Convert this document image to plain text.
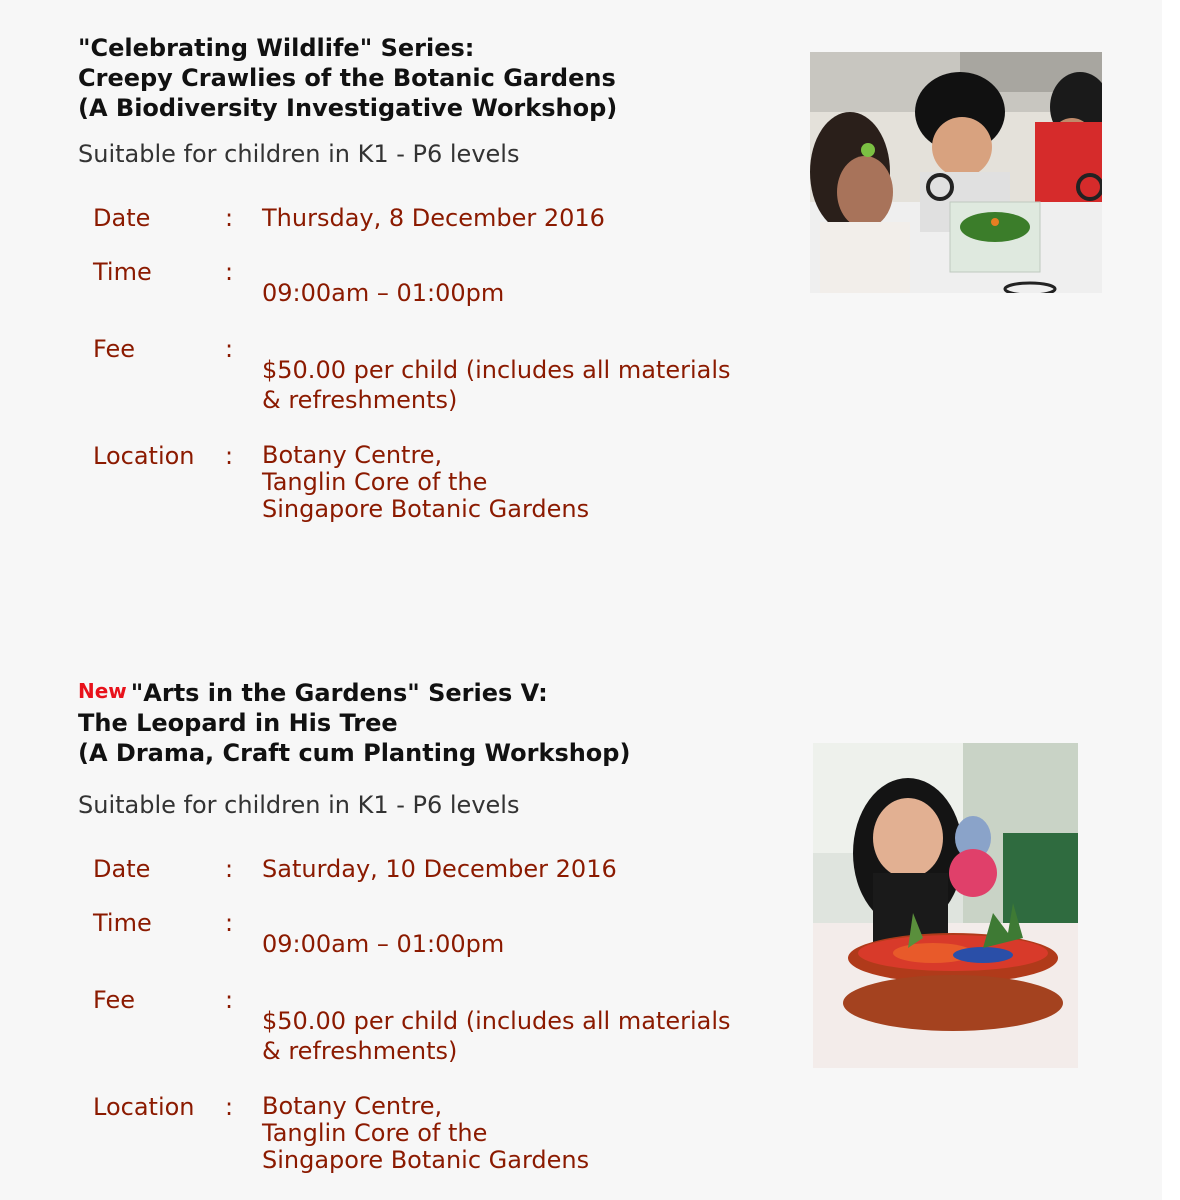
"Celebrating Wildlife" Series:
Creepy Crawlies of the Botanic Gardens
(A Biodiversity Investigative Workshop)

Suitable for children in K1 - P6 levels

Date	: Thursday, 8 December 2016
Time	:
09:00am – 01:00pm
Fee	:
$50.00 per child (includes all materials
& refreshments)
Location : Botany Centre,
Tanglin Core of the
Singapore Botanic Gardens
$^{New}$ "Arts in the Gardens" Series V:
The Leopard in His Tree
(A Drama, Craft cum Planting Workshop)

Suitable for children in K1 - P6 levels

Date	: Saturday, 10 December 2016
Time	:
09:00am – 01:00pm
Fee	:
$50.00 per child (includes all materials
& refreshments)
Location : Botany Centre,
Tanglin Core of the
Singapore Botanic Gardens
